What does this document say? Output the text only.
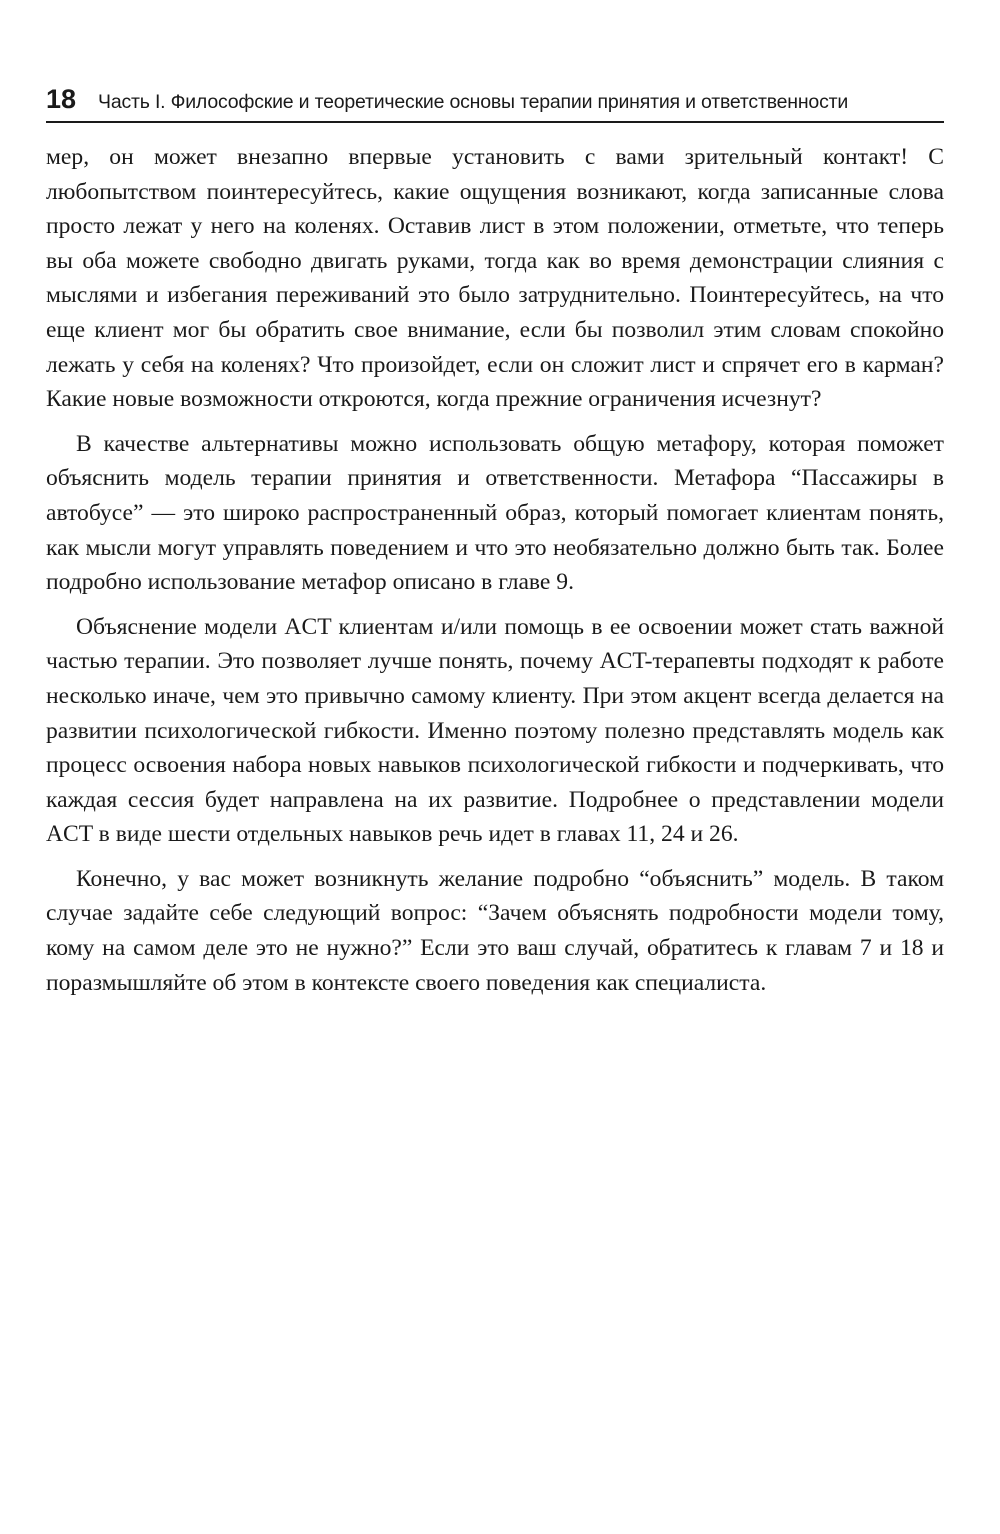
18 Часть I. Философские и теоретические основы терапии принятия и ответственности

мер, он может внезапно впервые установить с вами зрительный контакт! С любопытством поинтересуйтесь, какие ощущения возникают, когда записанные слова просто лежат у него на коленях. Оставив лист в этом положении, отметьте, что теперь вы оба можете свободно двигать руками, тогда как во время демонстрации слияния с мыслями и избегания переживаний это было затруднительно. Поинтересуйтесь, на что еще клиент мог бы обратить свое внимание, если бы позволил этим словам спокойно лежать у себя на коленях? Что произойдет, если он сложит лист и спрячет его в карман? Какие новые возможности откроются, когда прежние ограничения исчезнут?

В качестве альтернативы можно использовать общую метафору, которая поможет объяснить модель терапии принятия и ответственности. Метафора “Пассажиры в автобусе” — это широко распространенный образ, который помогает клиентам понять, как мысли могут управлять поведением и что это необязательно должно быть так. Более подробно использование метафор описано в главе 9.

Объяснение модели ACT клиентам и/или помощь в ее освоении может стать важной частью терапии. Это позволяет лучше понять, почему ACT-терапевты подходят к работе несколько иначе, чем это привычно самому клиенту. При этом акцент всегда делается на развитии психологической гибкости. Именно поэтому полезно представлять модель как процесс освоения набора новых навыков психологической гибкости и подчеркивать, что каждая сессия будет направлена на их развитие. Подробнее о представлении модели ACT в виде шести отдельных навыков речь идет в главах 11, 24 и 26.

Конечно, у вас может возникнуть желание подробно “объяснить” модель. В таком случае задайте себе следующий вопрос: “Зачем объяснять подробности модели тому, кому на самом деле это не нужно?” Если это ваш случай, обратитесь к главам 7 и 18 и поразмышляйте об этом в контексте своего поведения как специалиста.
